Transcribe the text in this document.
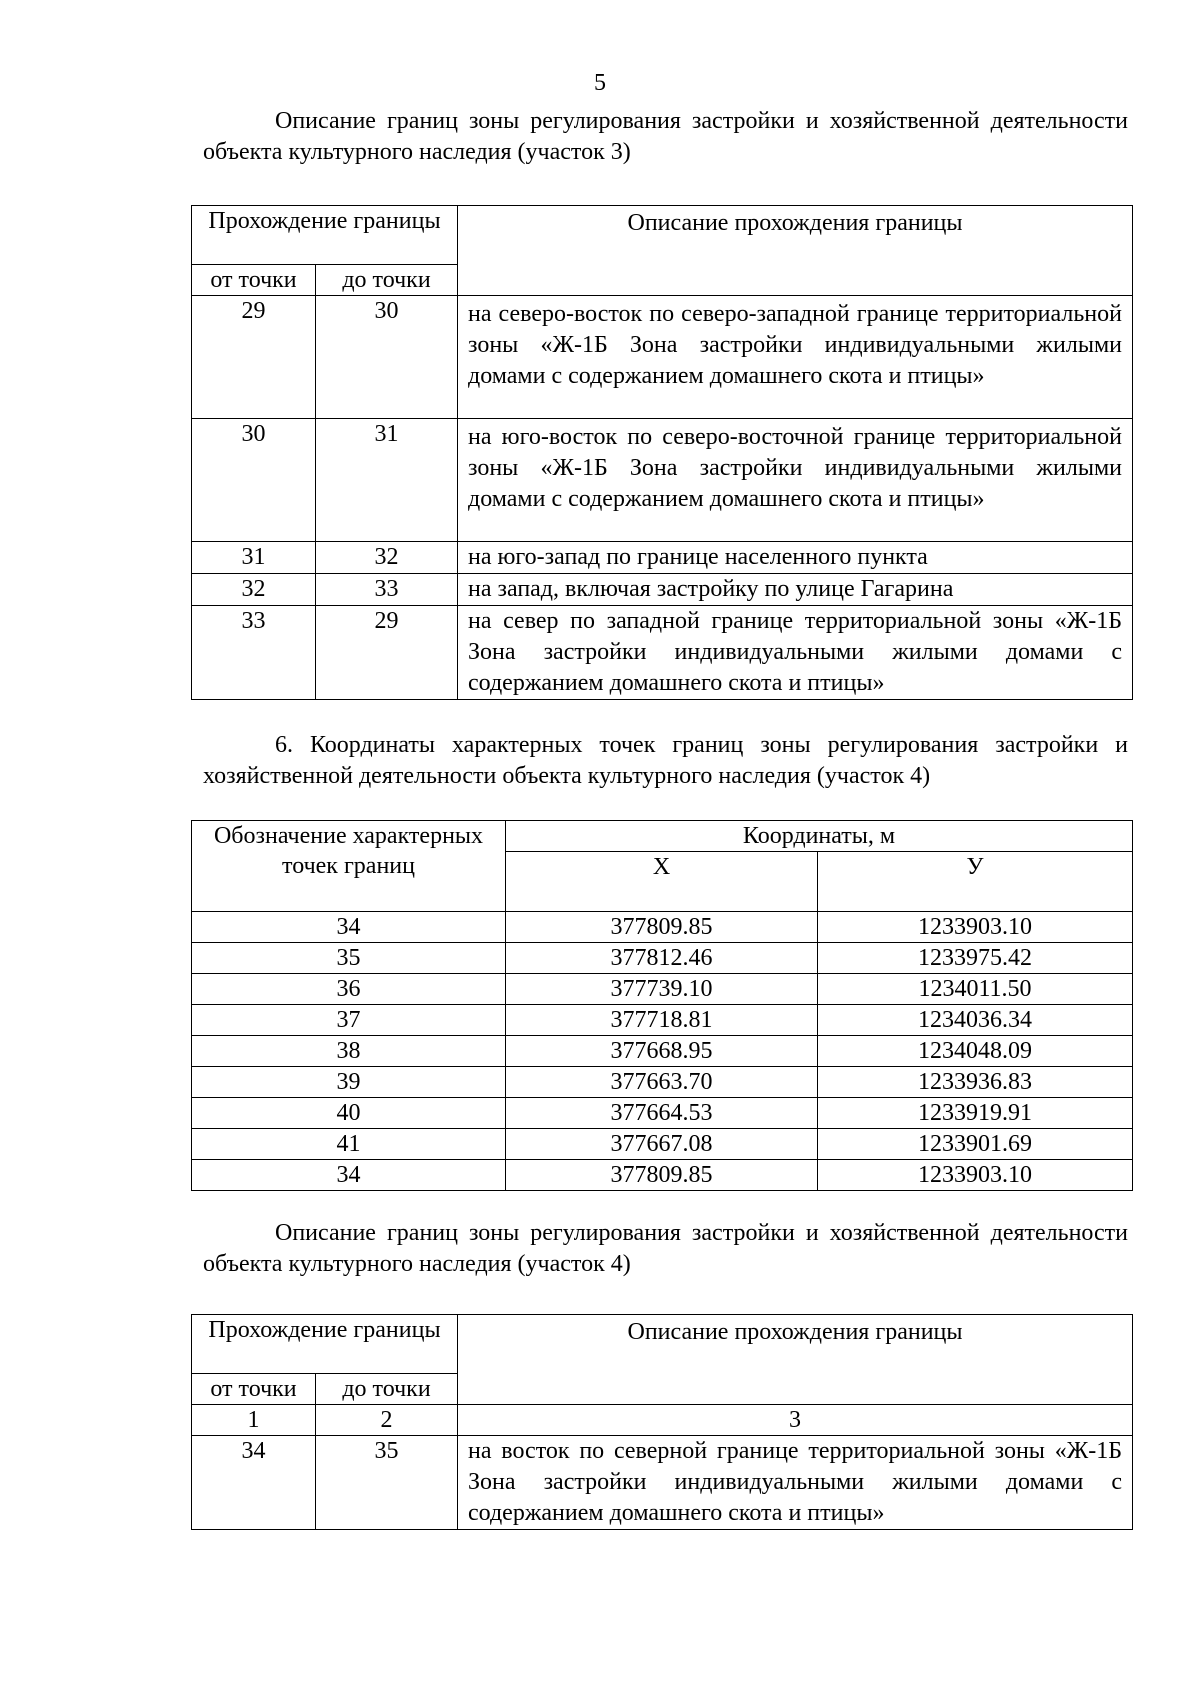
5

Описание границ зоны регулирования застройки и хозяйственной деятельности объекта культурного наследия (участок 3)

Прохождение границы		Описание прохождения границы
от точки	до точки	
29	30	на северо-восток по северо-западной границе территориальной зоны «Ж-1Б Зона застройки индивидуальными жилыми домами с содержанием домашнего скота и птицы»
30	31	на юго-восток по северо-восточной границе территориальной зоны «Ж-1Б Зона застройки индивидуальными жилыми домами с содержанием домашнего скота и птицы»
31	32	на юго-запад по границе населенного пункта
32	33	на запад, включая застройку по улице Гагарина
33	29	на север по западной границе территориальной зоны «Ж-1Б Зона застройки индивидуальными жилыми домами с содержанием домашнего скота и птицы»

6. Координаты характерных точек границ зоны регулирования застройки и хозяйственной деятельности объекта культурного наследия (участок 4)

Обозначение характерных точек границ	Координаты, м	
	X	У
34	377809.85	1233903.10
35	377812.46	1233975.42
36	377739.10	1234011.50
37	377718.81	1234036.34
38	377668.95	1234048.09
39	377663.70	1233936.83
40	377664.53	1233919.91
41	377667.08	1233901.69
34	377809.85	1233903.10

Описание границ зоны регулирования застройки и хозяйственной деятельности объекта культурного наследия (участок 4)

Прохождение границы		Описание прохождения границы
от точки	до точки	
1	2	3
34	35	на восток по северной границе территориальной зоны «Ж-1Б Зона застройки индивидуальными жилыми домами с содержанием домашнего скота и птицы»
